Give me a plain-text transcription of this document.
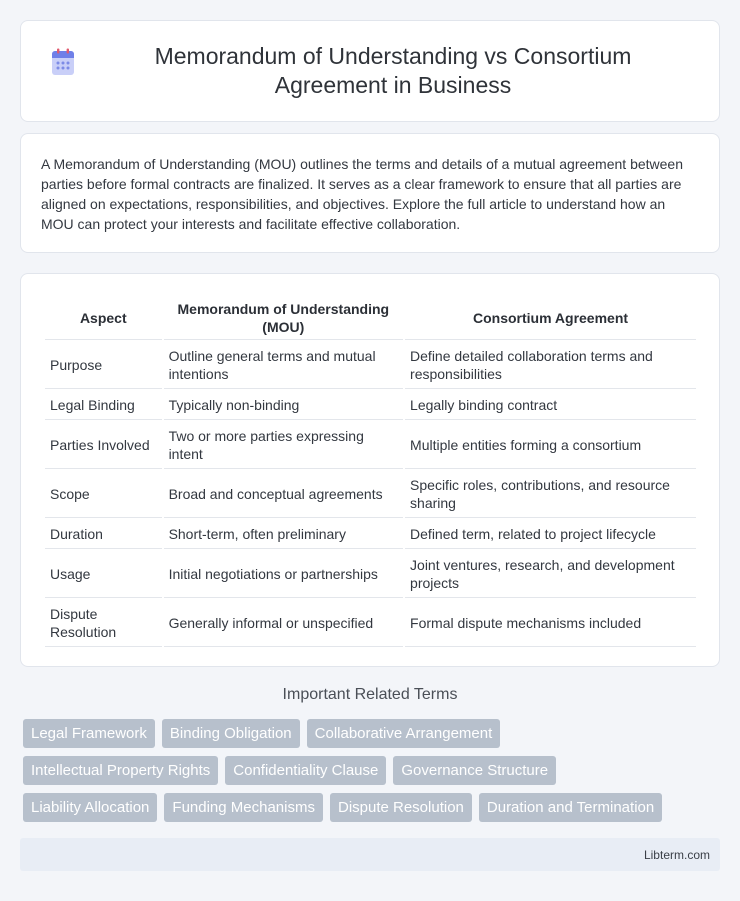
Memorandum of Understanding vs Consortium Agreement in Business

A Memorandum of Understanding (MOU) outlines the terms and details of a mutual agreement between parties before formal contracts are finalized. It serves as a clear framework to ensure that all parties are aligned on expectations, responsibilities, and objectives. Explore the full article to understand how an MOU can protect your interests and facilitate effective collaboration.

Aspect	Memorandum of Understanding (MOU)	Consortium Agreement
Purpose	Outline general terms and mutual intentions	Define detailed collaboration terms and responsibilities
Legal Binding	Typically non-binding	Legally binding contract
Parties Involved	Two or more parties expressing intent	Multiple entities forming a consortium
Scope	Broad and conceptual agreements	Specific roles, contributions, and resource sharing
Duration	Short-term, often preliminary	Defined term, related to project lifecycle
Usage	Initial negotiations or partnerships	Joint ventures, research, and development projects
Dispute Resolution	Generally informal or unspecified	Formal dispute mechanisms included
Important Related Terms
Legal Framework	Binding Obligation	Collaborative Arrangement
Intellectual Property Rights	Confidentiality Clause	Governance Structure
Liability Allocation	Funding Mechanisms	Dispute Resolution	Duration and Termination
Libterm.com
